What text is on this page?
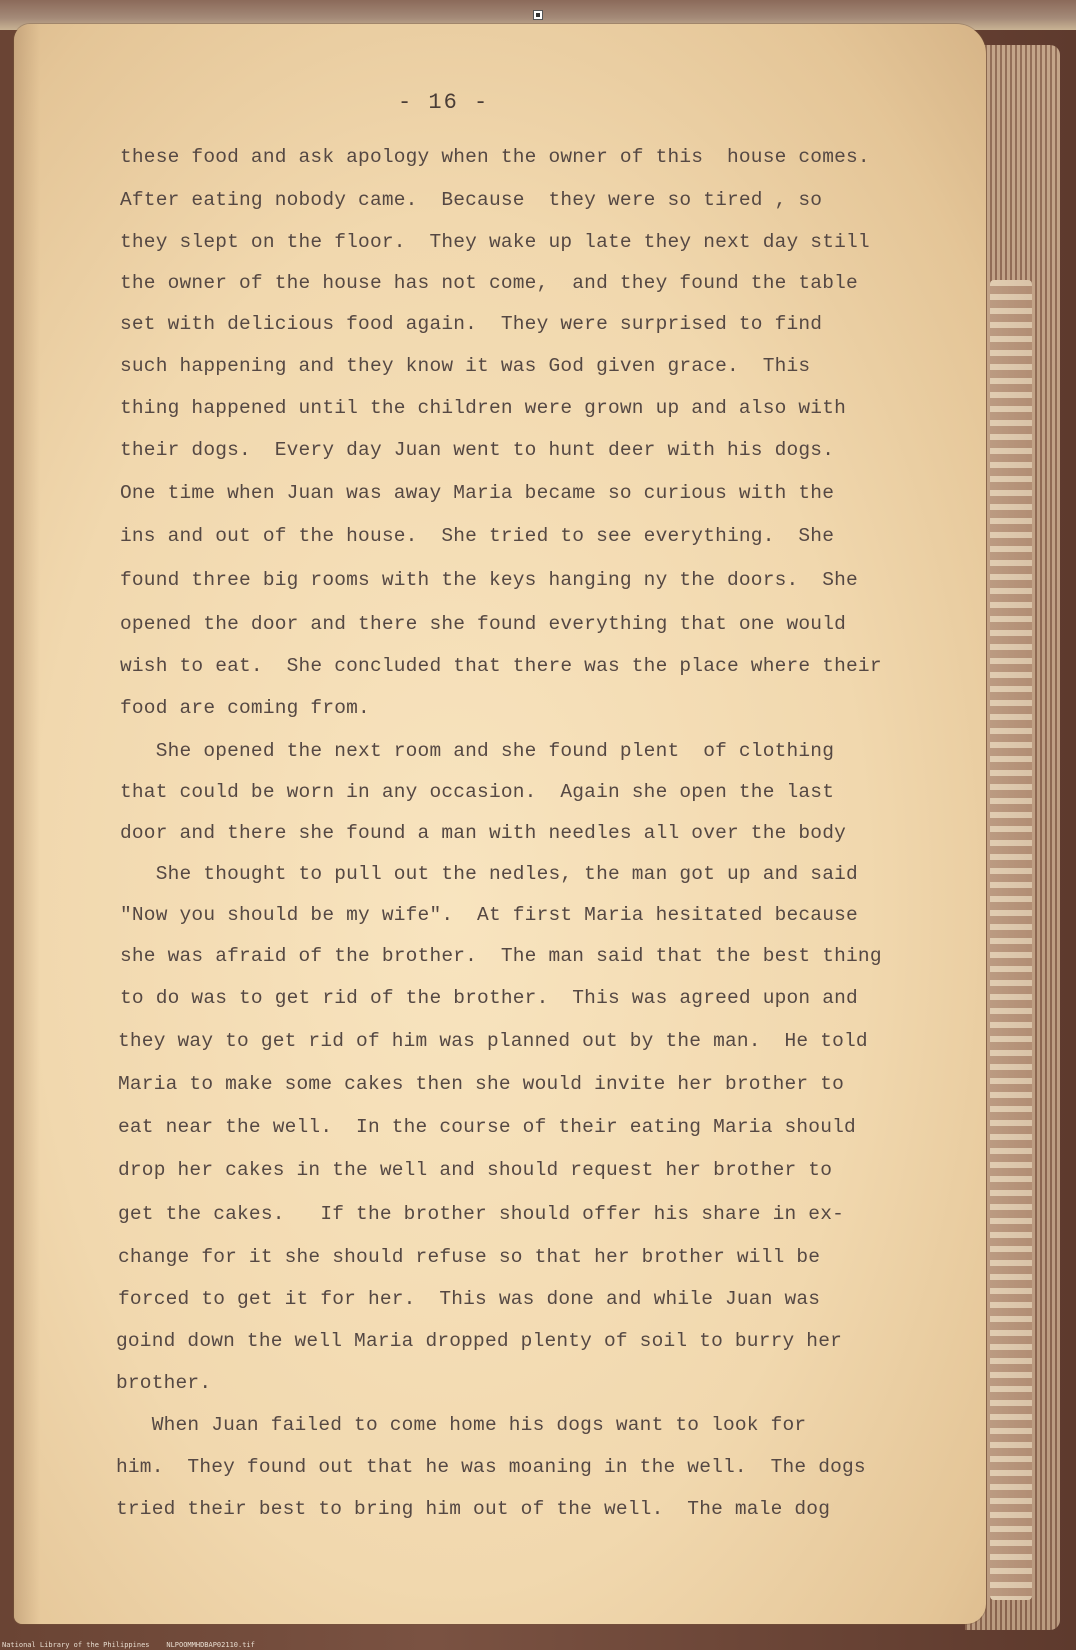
- 16 -
these food and ask apology when the owner of this  house comes.
After eating nobody came.  Because  they were so tired , so
they slept on the floor.  They wake up late they next day still
the owner of the house has not come,  and they found the table
set with delicious food again.  They were surprised to find
such happening and they know it was God given grace.  This
thing happened until the children were grown up and also with
their dogs.  Every day Juan went to hunt deer with his dogs.
One time when Juan was away Maria became so curious with the
ins and out of the house.  She tried to see everything.  She
found three big rooms with the keys hanging ny the doors.  She
opened the door and there she found everything that one would
wish to eat.  She concluded that there was the place where their
food are coming from.
She opened the next room and she found plent  of clothing
that could be worn in any occasion.  Again she open the last
door and there she found a man with needles all over the body
She thought to pull out the nedles, the man got up and said
"Now you should be my wife".  At first Maria hesitated because
she was afraid of the brother.  The man said that the best thing
to do was to get rid of the brother.  This was agreed upon and
they way to get rid of him was planned out by the man.  He told
Maria to make some cakes then she would invite her brother to
eat near the well.  In the course of their eating Maria should
drop her cakes in the well and should request her brother to
get the cakes.   If the brother should offer his share in ex-
change for it she should refuse so that her brother will be
forced to get it for her.  This was done and while Juan was
goind down the well Maria dropped plenty of soil to burry her
brother.
When Juan failed to come home his dogs want to look for
him.  They found out that he was moaning in the well.  The dogs
tried their best to bring him out of the well.  The male dog
National Library of the Philippines    NLPOOMMHDBAP02110.tif
